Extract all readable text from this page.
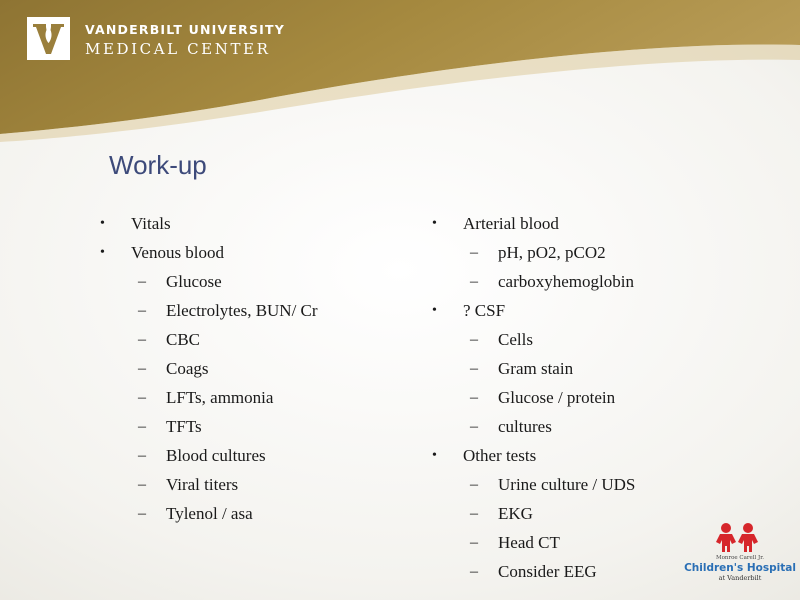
VANDERBILT UNIVERSITY
MEDICAL CENTER
Work-up
• Vitals
• Venous blood
– Glucose
– Electrolytes, BUN/ Cr
– CBC
– Coags
– LFTs, ammonia
– TFTs
– Blood cultures
– Viral titers
– Tylenol / asa
• Arterial blood
– pH, pO2, pCO2
– carboxyhemoglobin
• ? CSF
– Cells
– Gram stain
– Glucose / protein
– cultures
• Other tests
– Urine culture / UDS
– EKG
– Head CT
– Consider EEG
Monroe Carell Jr.
Children's Hospital
at Vanderbilt
